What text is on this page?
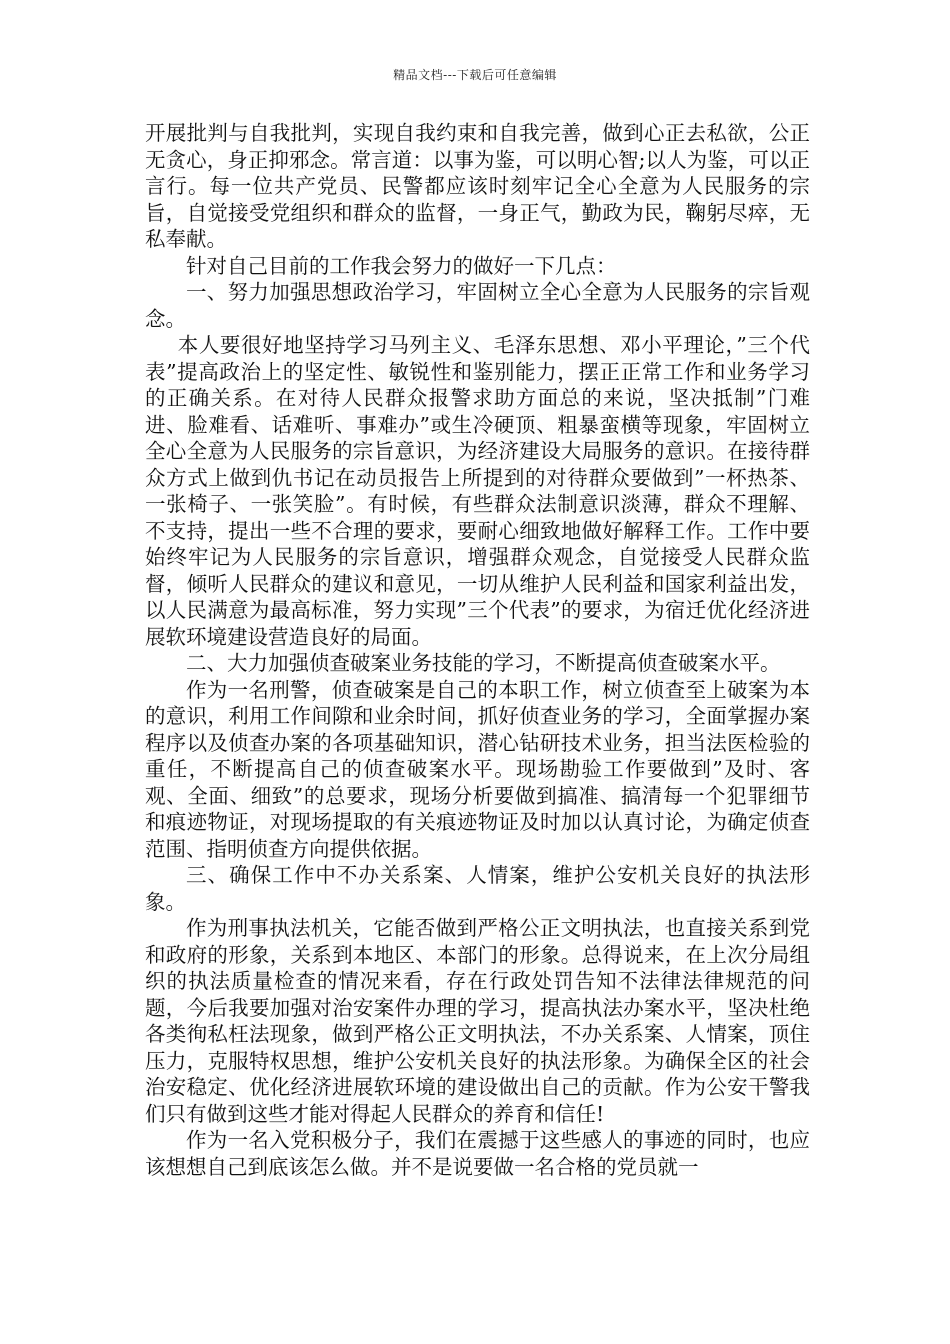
精品文档---下载后可任意编辑

开展批判与自我批判，实现自我约束和自我完善，做到心正去私欲，公正无贪心，身正抑邪念。常言道：以事为鉴，可以明心智;以人为鉴，可以正言行。每一位共产党员、民警都应该时刻牢记全心全意为人民服务的宗旨，自觉接受党组织和群众的监督，一身正气，勤政为民，鞠躬尽瘁，无私奉献。

针对自己目前的工作我会努力的做好一下几点：

一、努力加强思想政治学习，牢固树立全心全意为人民服务的宗旨观念。

本人要很好地坚持学习马列主义、毛泽东思想、邓小平理论，”三个代表”提高政治上的坚定性、敏锐性和鉴别能力，摆正正常工作和业务学习的正确关系。在对待人民群众报警求助方面总的来说，坚决抵制”门难进、脸难看、话难听、事难办”或生冷硬顶、粗暴蛮横等现象，牢固树立全心全意为人民服务的宗旨意识，为经济建设大局服务的意识。在接待群众方式上做到仇书记在动员报告上所提到的对待群众要做到”一杯热茶、一张椅子、一张笑脸”。有时候，有些群众法制意识淡薄，群众不理解、不支持，提出一些不合理的要求，要耐心细致地做好解释工作。工作中要始终牢记为人民服务的宗旨意识，增强群众观念，自觉接受人民群众监督，倾听人民群众的建议和意见，一切从维护人民利益和国家利益出发，以人民满意为最高标准，努力实现”三个代表”的要求，为宿迁优化经济进展软环境建设营造良好的局面。

二、大力加强侦查破案业务技能的学习，不断提高侦查破案水平。

作为一名刑警，侦查破案是自己的本职工作，树立侦查至上破案为本的意识，利用工作间隙和业余时间，抓好侦查业务的学习，全面掌握办案程序以及侦查办案的各项基础知识，潜心钻研技术业务，担当法医检验的重任，不断提高自己的侦查破案水平。现场勘验工作要做到”及时、客观、全面、细致”的总要求，现场分析要做到搞准、搞清每一个犯罪细节和痕迹物证，对现场提取的有关痕迹物证及时加以认真讨论，为确定侦查范围、指明侦查方向提供依据。

三、确保工作中不办关系案、人情案，维护公安机关良好的执法形象。

作为刑事执法机关，它能否做到严格公正文明执法，也直接关系到党和政府的形象，关系到本地区、本部门的形象。总得说来，在上次分局组织的执法质量检查的情况来看，存在行政处罚告知不法律法律规范的问题，今后我要加强对治安案件办理的学习，提高执法办案水平，坚决杜绝各类徇私枉法现象，做到严格公正文明执法，不办关系案、人情案，顶住压力，克服特权思想，维护公安机关良好的执法形象。为确保全区的社会治安稳定、优化经济进展软环境的建设做出自己的贡献。作为公安干警我们只有做到这些才能对得起人民群众的养育和信任!

作为一名入党积极分子，我们在震撼于这些感人的事迹的同时，也应该想想自己到底该怎么做。并不是说要做一名合格的党员就一
